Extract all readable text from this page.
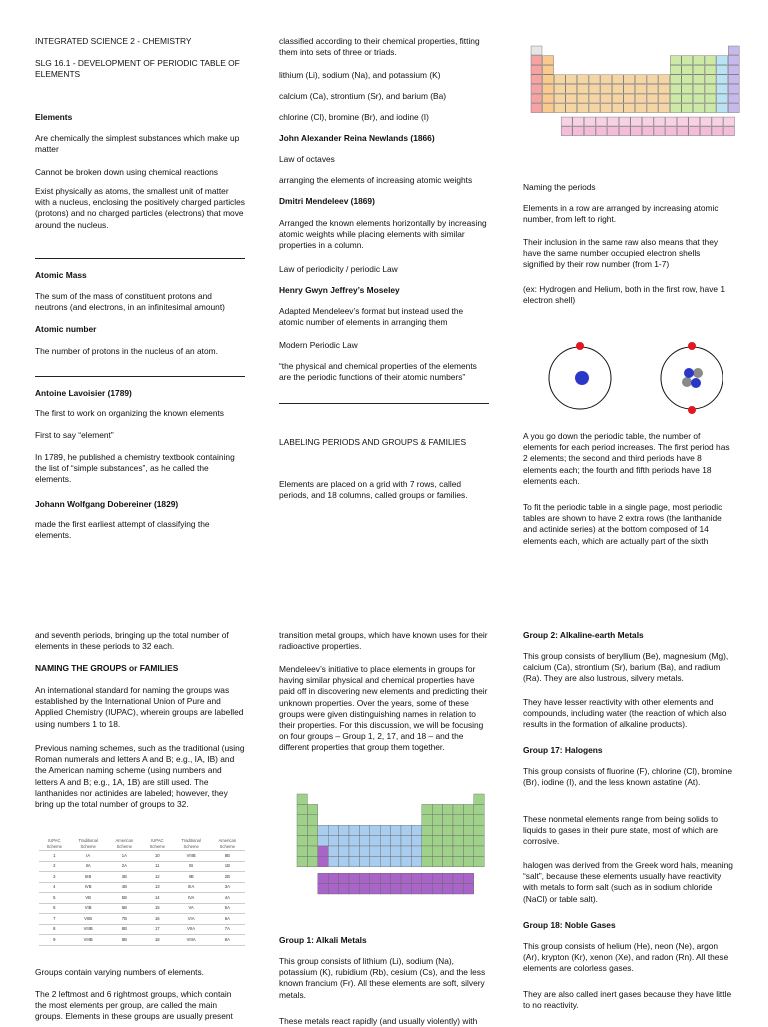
INTEGRATED SCIENCE 2 - CHEMISTRY

SLG 16.1 - DEVELOPMENT OF PERIODIC TABLE OF ELEMENTS

Elements

Are chemically the simplest substances which make up matter

Cannot be broken down using chemical reactions

Exist physically as atoms, the smallest unit of matter with a nucleus, enclosing the positively charged particles (protons) and no charged particles (electrons) that move around the nucleus.

Atomic Mass

The sum of the mass of constituent protons and neutrons (and electrons, in an infinitesimal amount)

Atomic number

The number of protons in the nucleus of an atom.

Antoine Lavoisier (1789)

The first to work on organizing the known elements

First to say “element”

In 1789, he published a chemistry textbook containing the list of “simple substances”, as he called the elements.

Johann Wolfgang Dobereiner (1829)

made the first earliest attempt of classifying the elements.

classified according to their chemical properties, fitting them into sets of three or triads.

lithium (Li), sodium (Na), and potassium (K)

calcium (Ca), strontium (Sr), and barium (Ba)

chlorine (Cl), bromine (Br), and iodine (I)

John Alexander Reina Newlands (1866)

Law of octaves

arranging the elements of increasing atomic weights

Dmitri Mendeleev (1869)

Arranged the known elements horizontally by increasing atomic weights while placing elements with similar properties in a column.

Law of periodicity / periodic Law

Henry Gwyn Jeffrey’s Moseley

Adapted Mendeleev’s format but instead used the atomic number of elements in arranging them

Modern Periodic Law

“the physical and chemical properties of the elements are the periodic functions of their atomic numbers”

LABELING PERIODS AND GROUPS & FAMILIES

Elements are placed on a grid with 7 rows, called periods, and 18 columns, called groups or families.

Naming the periods

Elements in a row are arranged by increasing atomic number, from left to right.

Their inclusion in the same raw also means that they have the same number occupied electron shells signified by their row number (from 1-7)

(ex: Hydrogen and Helium, both in the first row, have 1 electron shell)

A you go down the periodic table, the number of elements for each period increases. The first period has 2 elements; the second and third periods have 8 elements each; the fourth and fifth periods have 18 elements each.

To fit the periodic table in a single page, most periodic tables are shown to have 2 extra rows (the lanthanide and actinide series) at the bottom composed of 14 elements each, which are actually part of the sixth

and seventh periods, bringing up the total number of elements in these periods to 32 each.

NAMING THE GROUPS or FAMILIES

An international standard for naming the groups was established by the International Union of Pure and Applied Chemistry (IUPAC), wherein groups are labelled using numbers 1 to 18.

Previous naming schemes, such as the traditional (using Roman numerals and letters A and B; e.g., IA, IB) and the American naming scheme (using numbers and letters A and B; e.g., 1A, 1B) are still used. The lanthanides nor actinides are labeled; however, they bring up the total number of groups to 32.

IUPAC Scheme	Traditional Scheme	American Scheme	IUPAC Scheme	Traditional Scheme	American Scheme
1	IA	1A	10	VIIIB	8B
2	IIA	2A	11	IB	1B
3	IIIB	3B	12	IIB	2B
4	IVB	4B	13	IIIA	3A
5	VB	5B	14	IVA	4A
6	VIB	6B	15	VA	5A
7	VIIB	7B	16	VIA	6A
8	VIIIB	8B	17	VIIA	7A
9	VIIIB	8B	18	VIIIA	8A

Groups contain varying numbers of elements.

The 2 leftmost and 6 rightmost groups, which contain the most elements per group, are called the main groups. Elements in these groups are usually present

transition metal groups, which have known uses for their radioactive properties.

Mendeleev’s initiative to place elements in groups for having similar physical and chemical properties have paid off in discovering new elements and predicting their unknown properties. Over the years, some of these groups were given distinguishing names in relation to their properties. For this discussion, we will be focusing on four groups – Group 1, 2, 17, and 18 – and the different properties that group them together.

Group 1: Alkali Metals

This group consists of lithium (Li), sodium (Na), potassium (K), rubidium (Rb), cesium (Cs), and the less known francium (Fr). All these elements are soft, silvery metals.

These metals react rapidly (and usually violently) with

Group 2: Alkaline-earth Metals

This group consists of beryllium (Be), magnesium (Mg), calcium (Ca), strontium (Sr), barium (Ba), and radium (Ra). They are also lustrous, silvery metals.

They have lesser reactivity with other elements and compounds, including water (the reaction of which also results in the formation of alkaline products).

Group 17: Halogens

This group consists of fluorine (F), chlorine (Cl), bromine (Br), iodine (I), and the less known astatine (At).

These nonmetal elements range from being solids to liquids to gases in their pure state, most of which are corrosive.

halogen was derived from the Greek word hals, meaning “salt”, because these elements usually have reactivity with metals to form salt (such as in sodium chloride (NaCl) or table salt).

Group 18: Noble Gases

This group consists of helium (He), neon (Ne), argon (Ar), krypton (Kr), xenon (Xe), and radon (Rn). All these elements are colorless gases.

They are also called inert gases because they have little to no reactivity.
